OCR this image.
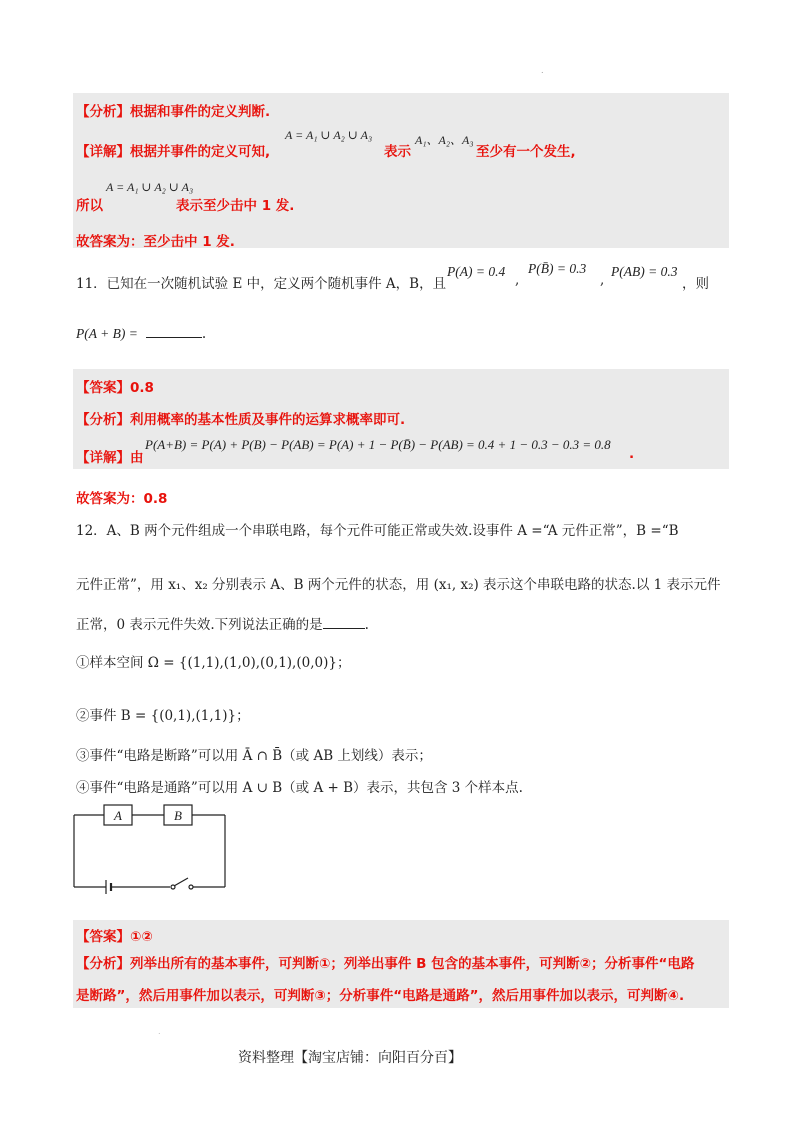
.
【分析】根据和事件的定义判断.
【详解】根据并事件的定义可知,
A = A₁ ∪ A₂ ∪ A₃
表示
A₁、A₂、A₃
至少有一个发生,
所以
A = A₁ ∪ A₂ ∪ A₃
表示至少击中 1 发.
故答案为：至少击中 1 发.
11．已知在一次随机试验 E 中，定义两个随机事件 A，B，且
P(A) = 0.4
,
P(B̄) = 0.3
,
P(AB) = 0.3
，则
P(A + B) =	.
【答案】0.8
【分析】利用概率的基本性质及事件的运算求概率即可.
【详解】由
P(A+B) = P(A) + P(B) − P(AB) = P(A) + 1 − P(B̄) − P(AB) = 0.4 + 1 − 0.3 − 0.3 = 0.8
.
故答案为：0.8
12．A、B 两个元件组成一个串联电路，每个元件可能正常或失效.设事件 A =“A 元件正常”，B =“B
元件正常”，用 x₁、x₂ 分别表示 A、B 两个元件的状态，用 (x₁, x₂) 表示这个串联电路的状态.以 1 表示元件
正常，0 表示元件失效.下列说法正确的是	.
①样本空间 Ω = {(1,1),(1,0),(0,1),(0,0)}；
②事件 B = {(0,1),(1,1)}；
③事件“电路是断路”可以用 Ā ∩ B̄（或 AB 上划线）表示；
④事件“电路是通路”可以用 A ∪ B（或 A + B）表示，共包含 3 个样本点.
A	B
【答案】①②
【分析】列举出所有的基本事件，可判断①；列举出事件 B 包含的基本事件，可判断②；分析事件“电路
是断路”，然后用事件加以表示，可判断③；分析事件“电路是通路”，然后用事件加以表示，可判断④.
.
资料整理【淘宝店铺：向阳百分百】
